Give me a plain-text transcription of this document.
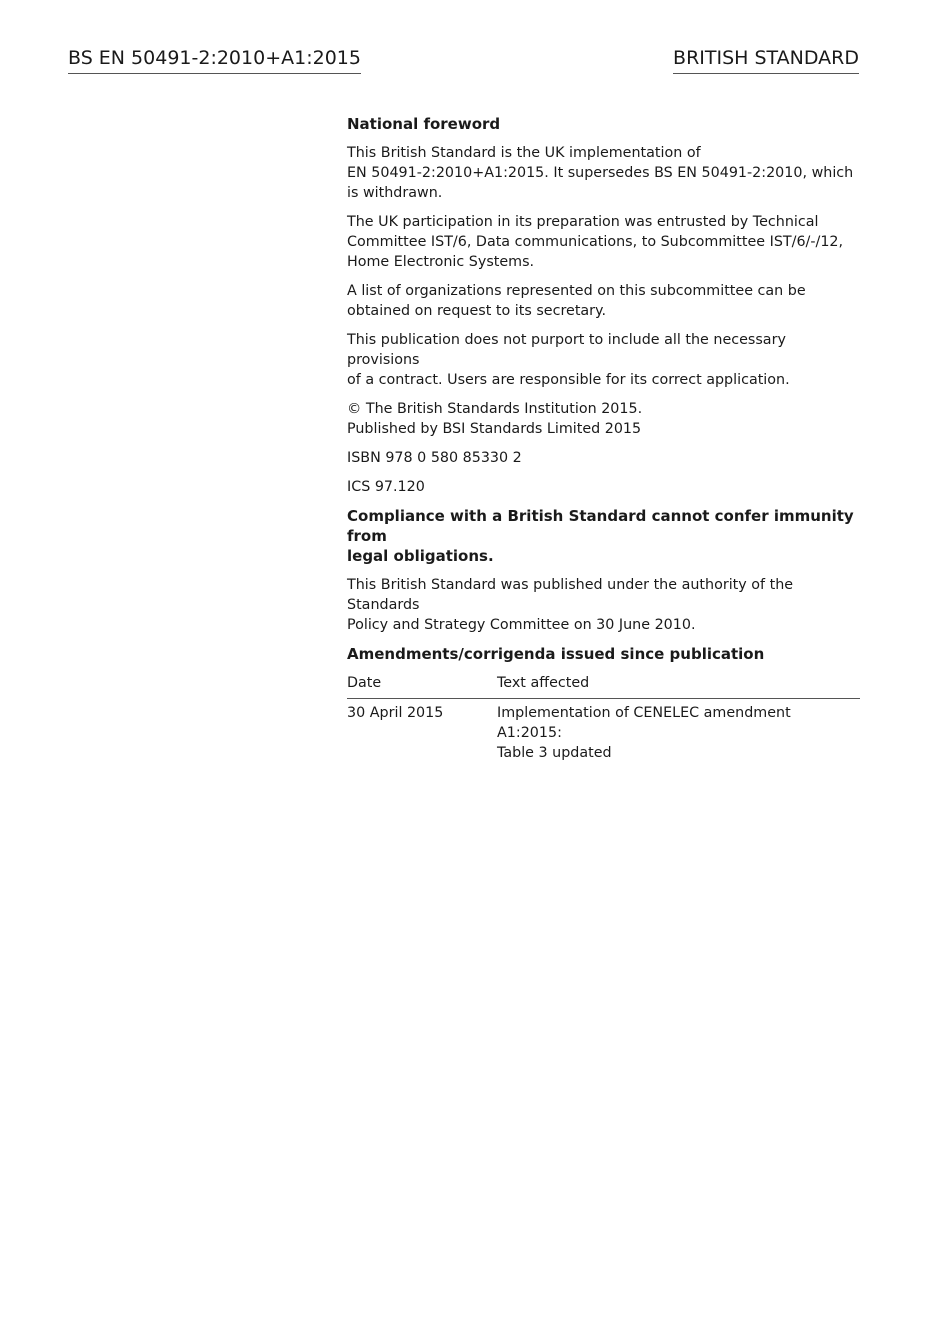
BS EN 50491-2:2010+A1:2015	BRITISH STANDARD
National foreword

This British Standard is the UK implementation of
EN 50491-2:2010+A1:2015. It supersedes BS EN 50491-2:2010, which
is withdrawn.

The UK participation in its preparation was entrusted by Technical
Committee IST/6, Data communications, to Subcommittee IST/6/-/12,
Home Electronic Systems.

A list of organizations represented on this subcommittee can be
obtained on request to its secretary.

This publication does not purport to include all the necessary provisions
of a contract. Users are responsible for its correct application.

© The British Standards Institution 2015.
Published by BSI Standards Limited 2015

ISBN 978 0 580 85330 2

ICS 97.120

Compliance with a British Standard cannot confer immunity from
legal obligations.

This British Standard was published under the authority of the Standards
Policy and Strategy Committee on 30 June 2010.

Amendments/corrigenda issued since publication
Date	Text affected
30 April 2015	Implementation of CENELEC amendment A1:2015:
Table 3 updated
